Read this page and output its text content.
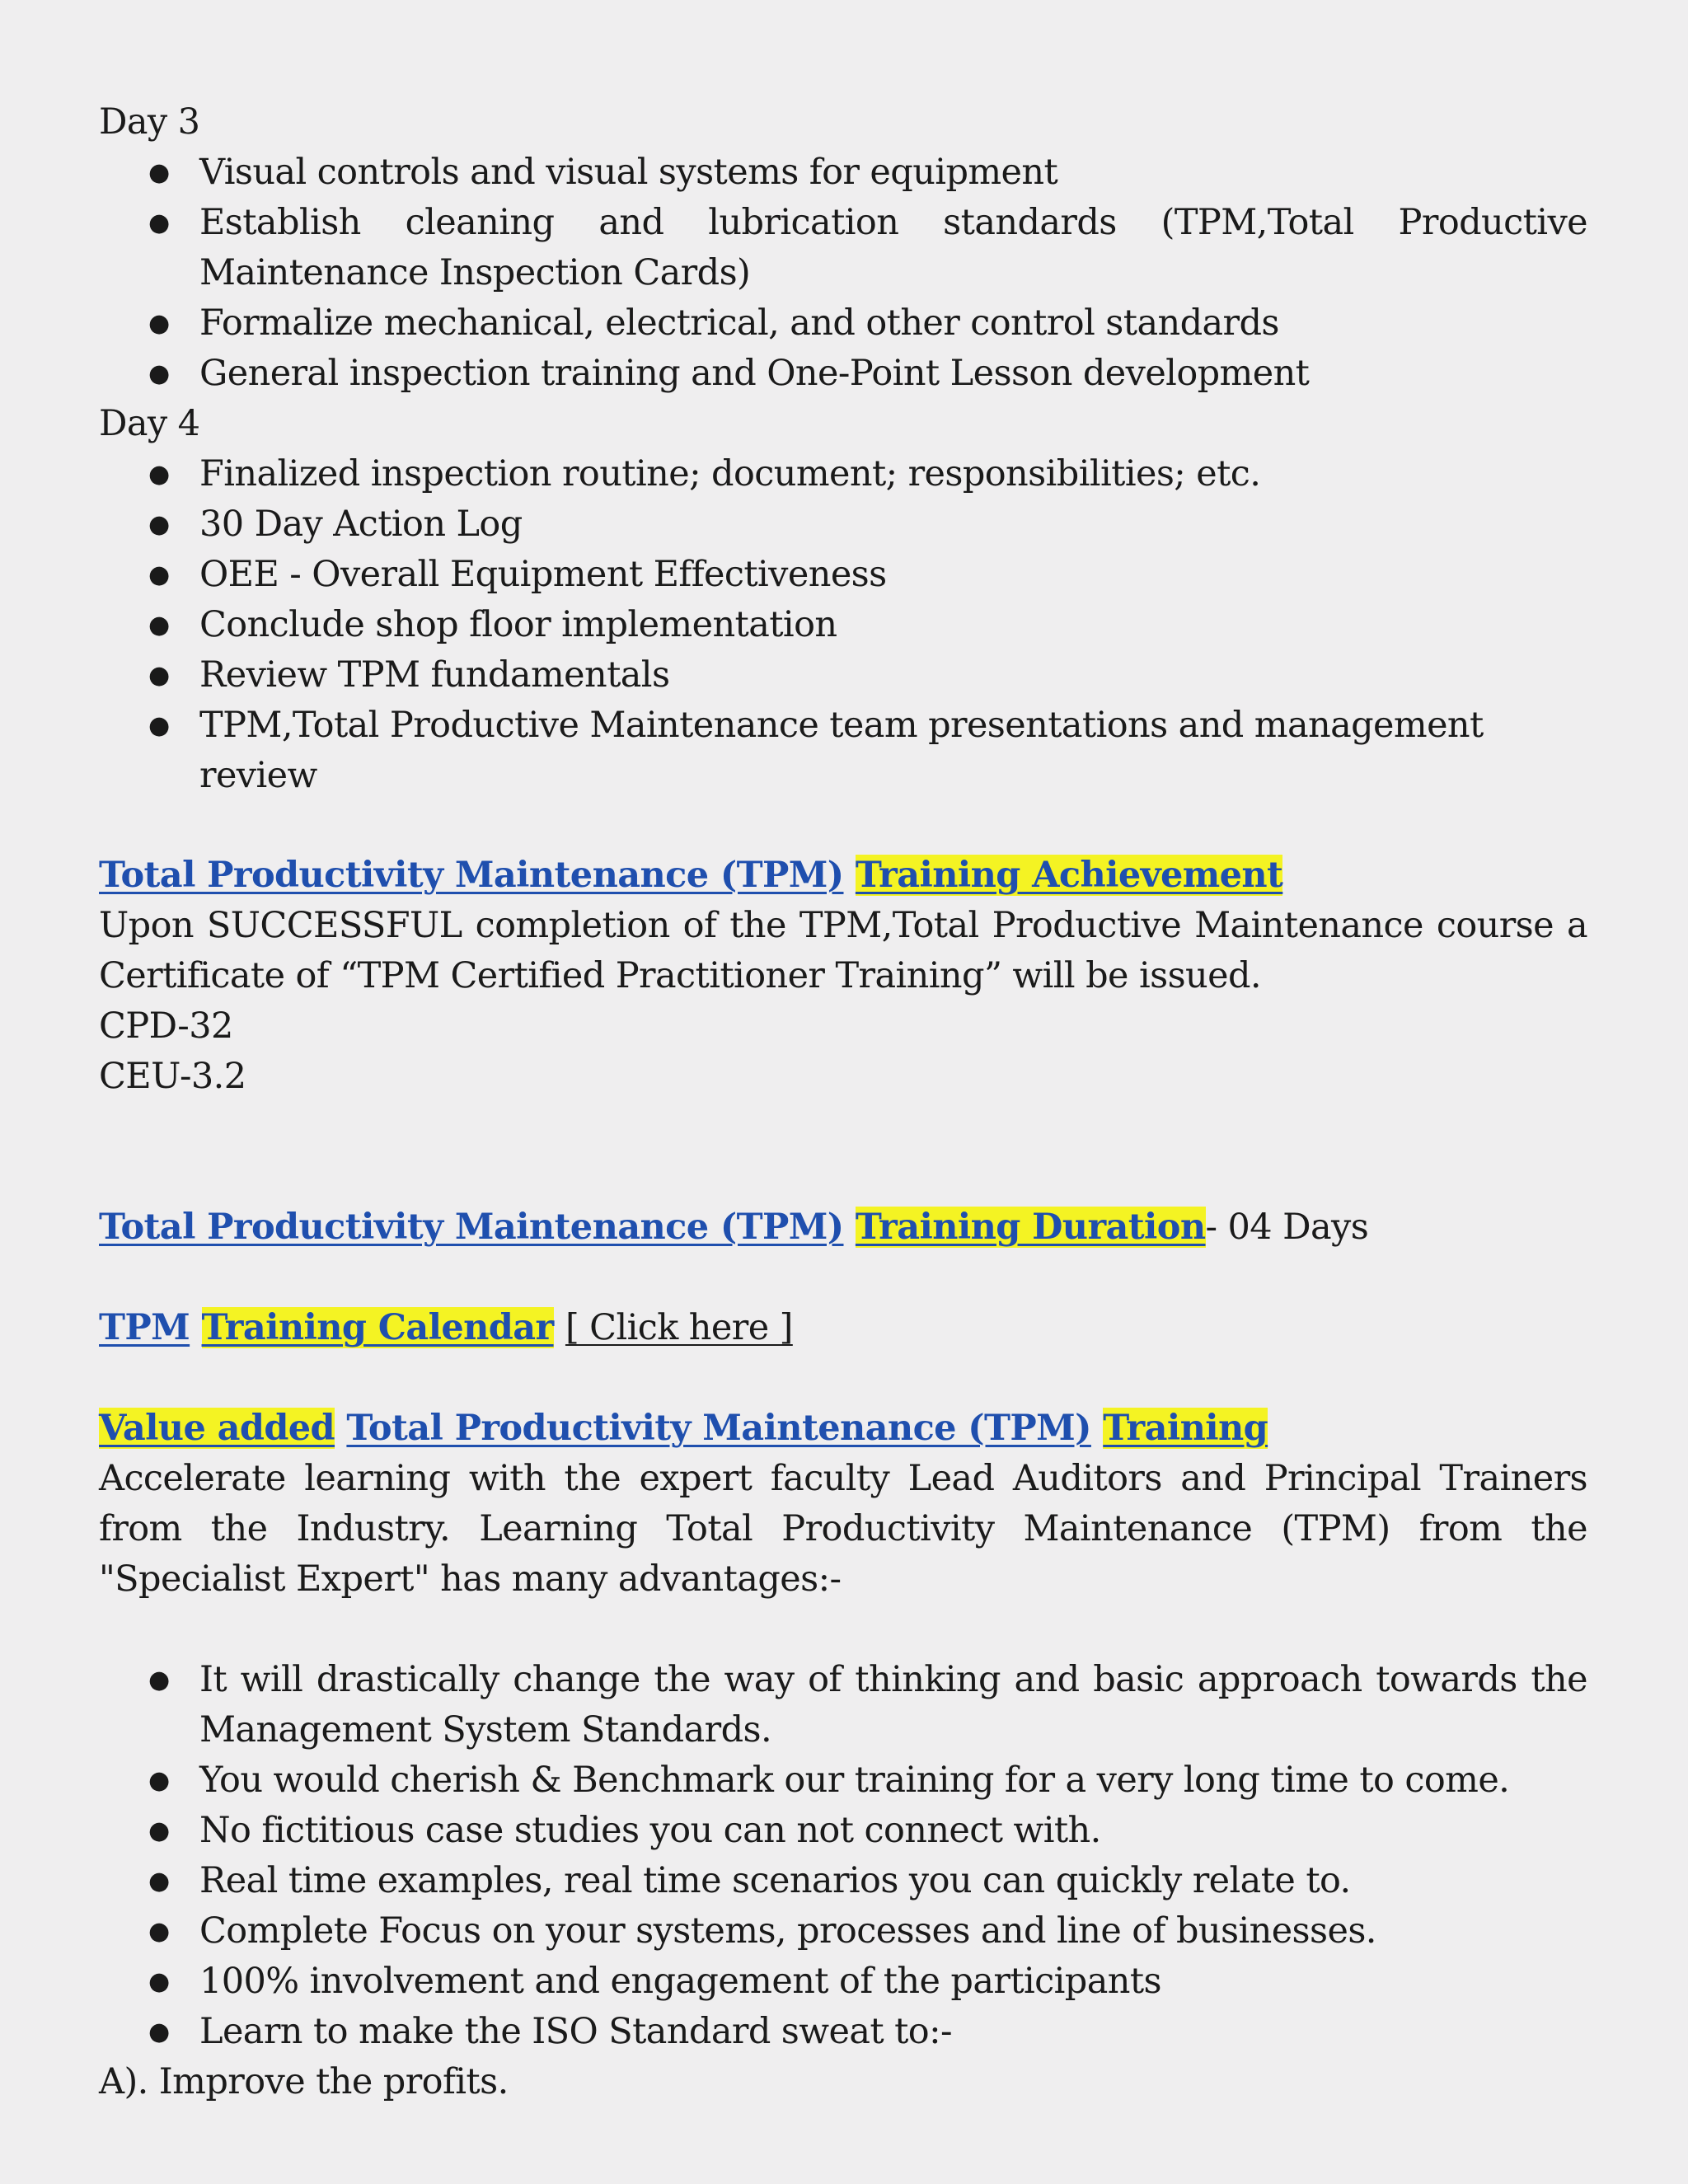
Day 3

● Visual controls and visual systems for equipment
● Establish cleaning and lubrication standards (TPM,Total Productive Maintenance Inspection Cards)
● Formalize mechanical, electrical, and other control standards
● General inspection training and One-Point Lesson development

Day 4

● Finalized inspection routine; document; responsibilities; etc.
● 30 Day Action Log
● OEE - Overall Equipment Effectiveness
● Conclude shop floor implementation
● Review TPM fundamentals
● TPM,Total Productive Maintenance team presentations and management review

Total Productivity Maintenance (TPM) Training Achievement

Upon SUCCESSFUL completion of the TPM,Total Productive Maintenance course a Certificate of “TPM Certified Practitioner Training” will be issued.

CPD-32

CEU-3.2

Total Productivity Maintenance (TPM) Training Duration- 04 Days

TPM Training Calendar [ Click here ]

Value added Total Productivity Maintenance (TPM) Training

Accelerate learning with the expert faculty Lead Auditors and Principal Trainers from the Industry. Learning Total Productivity Maintenance (TPM) from the "Specialist Expert" has many advantages:-

● It will drastically change the way of thinking and basic approach towards the Management System Standards.
● You would cherish & Benchmark our training for a very long time to come.
● No fictitious case studies you can not connect with.
● Real time examples, real time scenarios you can quickly relate to.
● Complete Focus on your systems, processes and line of businesses.
● 100% involvement and engagement of the participants
● Learn to make the ISO Standard sweat to:-

A). Improve the profits.
